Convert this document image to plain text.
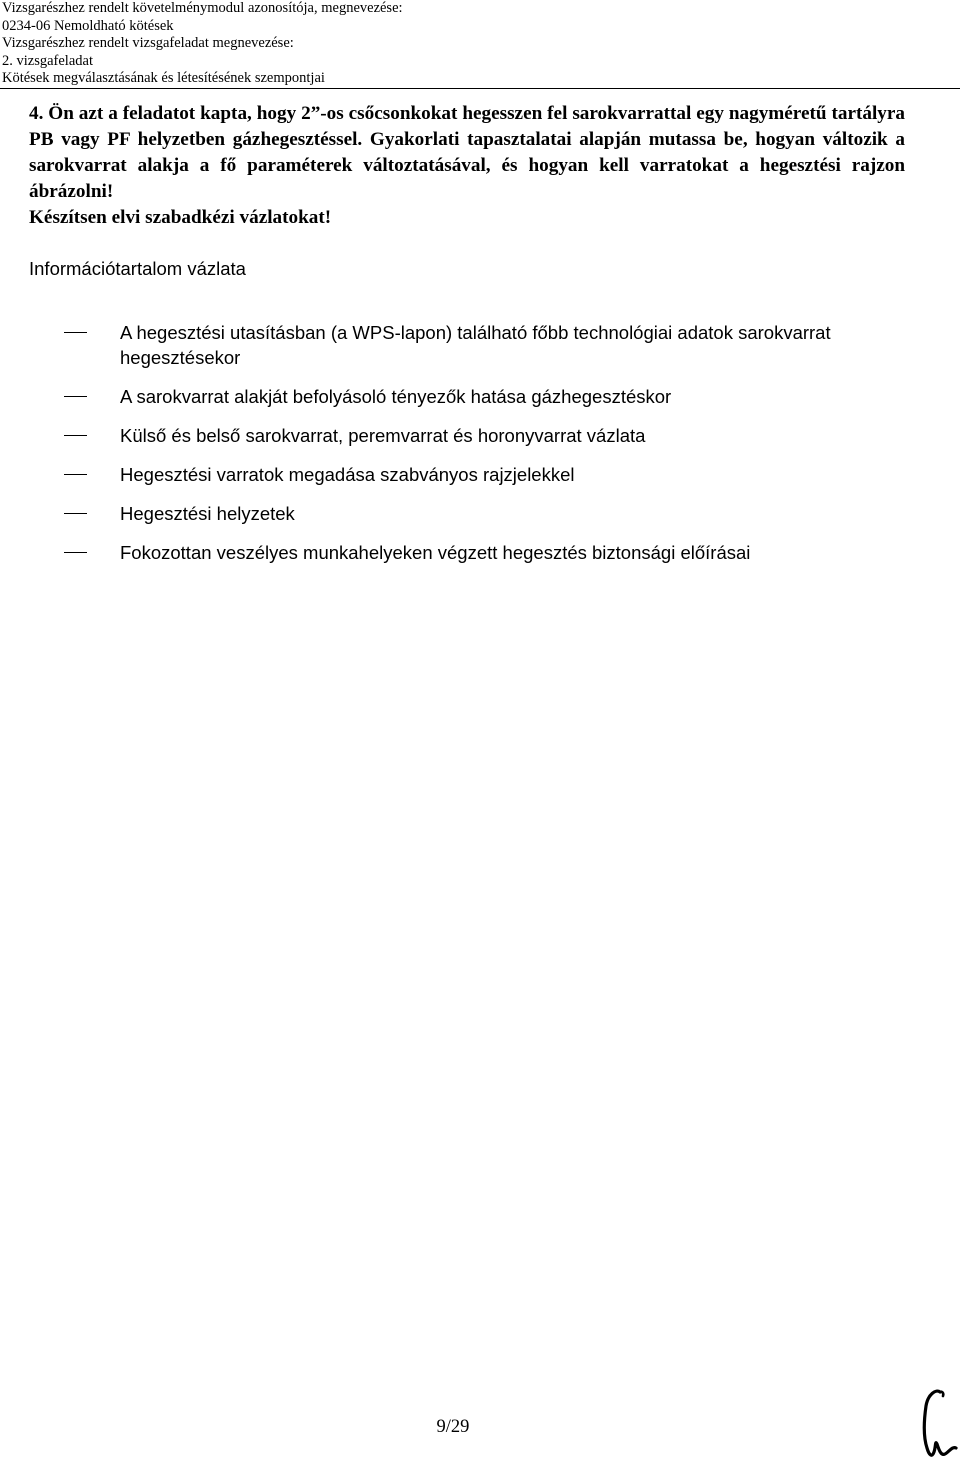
Vizsgarészhez rendelt követelménymodul azonosítója, megnevezése:
0234-06 Nemoldható kötések
Vizsgarészhez rendelt vizsgafeladat megnevezése:
2. vizsgafeladat
Kötések megválasztásának és létesítésének szempontjai
4. Ön azt a feladatot kapta, hogy 2”-os csőcsonkokat hegesszen fel sarokvarrattal egy nagyméretű tartályra PB vagy PF helyzetben gázhegesztéssel. Gyakorlati tapasztalatai alapján mutassa be, hogyan változik a sarokvarrat alakja a fő paraméterek változtatásával, és hogyan kell varratokat a hegesztési rajzon ábrázolni!
Készítsen elvi szabadkézi vázlatokat!
Információtartalom vázlata
A hegesztési utasításban (a WPS-lapon) található főbb technológiai adatok sarokvarrat hegesztésekor
A sarokvarrat alakját befolyásoló tényezők hatása gázhegesztéskor
Külső és belső sarokvarrat, peremvarrat és horonyvarrat vázlata
Hegesztési varratok megadása szabványos rajzjelekkel
Hegesztési helyzetek
Fokozottan veszélyes munkahelyeken végzett hegesztés biztonsági előírásai
9/29
